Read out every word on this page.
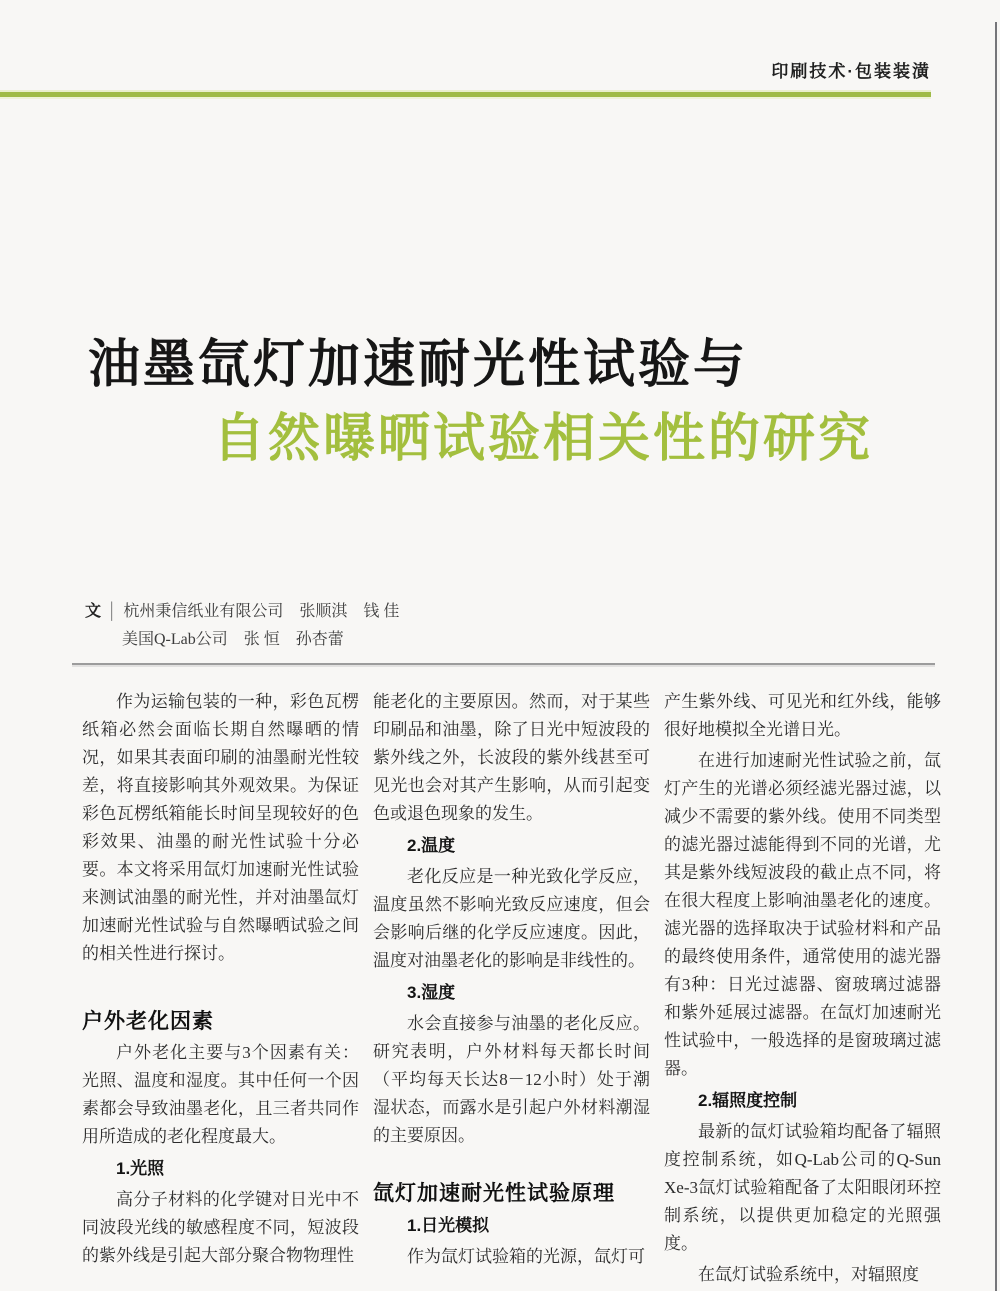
印刷技术·包装装潢
油墨氙灯加速耐光性试验与
自然曝晒试验相关性的研究
文 │ 杭州秉信纸业有限公司　张顺淇　钱 佳
美国Q-Lab公司　张 恒　孙杏蕾
作为运输包装的一种，彩色瓦楞纸箱必然会面临长期自然曝晒的情况，如果其表面印刷的油墨耐光性较差，将直接影响其外观效果。为保证彩色瓦楞纸箱能长时间呈现较好的色彩效果、油墨的耐光性试验十分必要。本文将采用氙灯加速耐光性试验来测试油墨的耐光性，并对油墨氙灯加速耐光性试验与自然曝晒试验之间的相关性进行探讨。
户外老化因素
户外老化主要与3个因素有关：光照、温度和湿度。其中任何一个因素都会导致油墨老化，且三者共同作用所造成的老化程度最大。
1.光照
高分子材料的化学键对日光中不同波段光线的敏感程度不同，短波段的紫外线是引起大部分聚合物物理性
能老化的主要原因。然而，对于某些印刷品和油墨，除了日光中短波段的紫外线之外，长波段的紫外线甚至可见光也会对其产生影响，从而引起变色或退色现象的发生。
2.温度
老化反应是一种光致化学反应，温度虽然不影响光致反应速度，但会会影响后继的化学反应速度。因此，温度对油墨老化的影响是非线性的。
3.湿度
水会直接参与油墨的老化反应。研究表明，户外材料每天都长时间（平均每天长达8－12小时）处于潮湿状态，而露水是引起户外材料潮湿的主要原因。
氙灯加速耐光性试验原理
1.日光模拟
作为氙灯试验箱的光源，氙灯可
产生紫外线、可见光和红外线，能够很好地模拟全光谱日光。
在进行加速耐光性试验之前，氙灯产生的光谱必须经滤光器过滤，以减少不需要的紫外线。使用不同类型的滤光器过滤能得到不同的光谱，尤其是紫外线短波段的截止点不同，将在很大程度上影响油墨老化的速度。滤光器的选择取决于试验材料和产品的最终使用条件，通常使用的滤光器有3种：日光过滤器、窗玻璃过滤器和紫外延展过滤器。在氙灯加速耐光性试验中，一般选择的是窗玻璃过滤器。
2.辐照度控制
最新的氙灯试验箱均配备了辐照度控制系统，如Q-Lab公司的Q-Sun Xe-3氙灯试验箱配备了太阳眼闭环控制系统，以提供更加稳定的光照强度。
在氙灯试验系统中，对辐照度
